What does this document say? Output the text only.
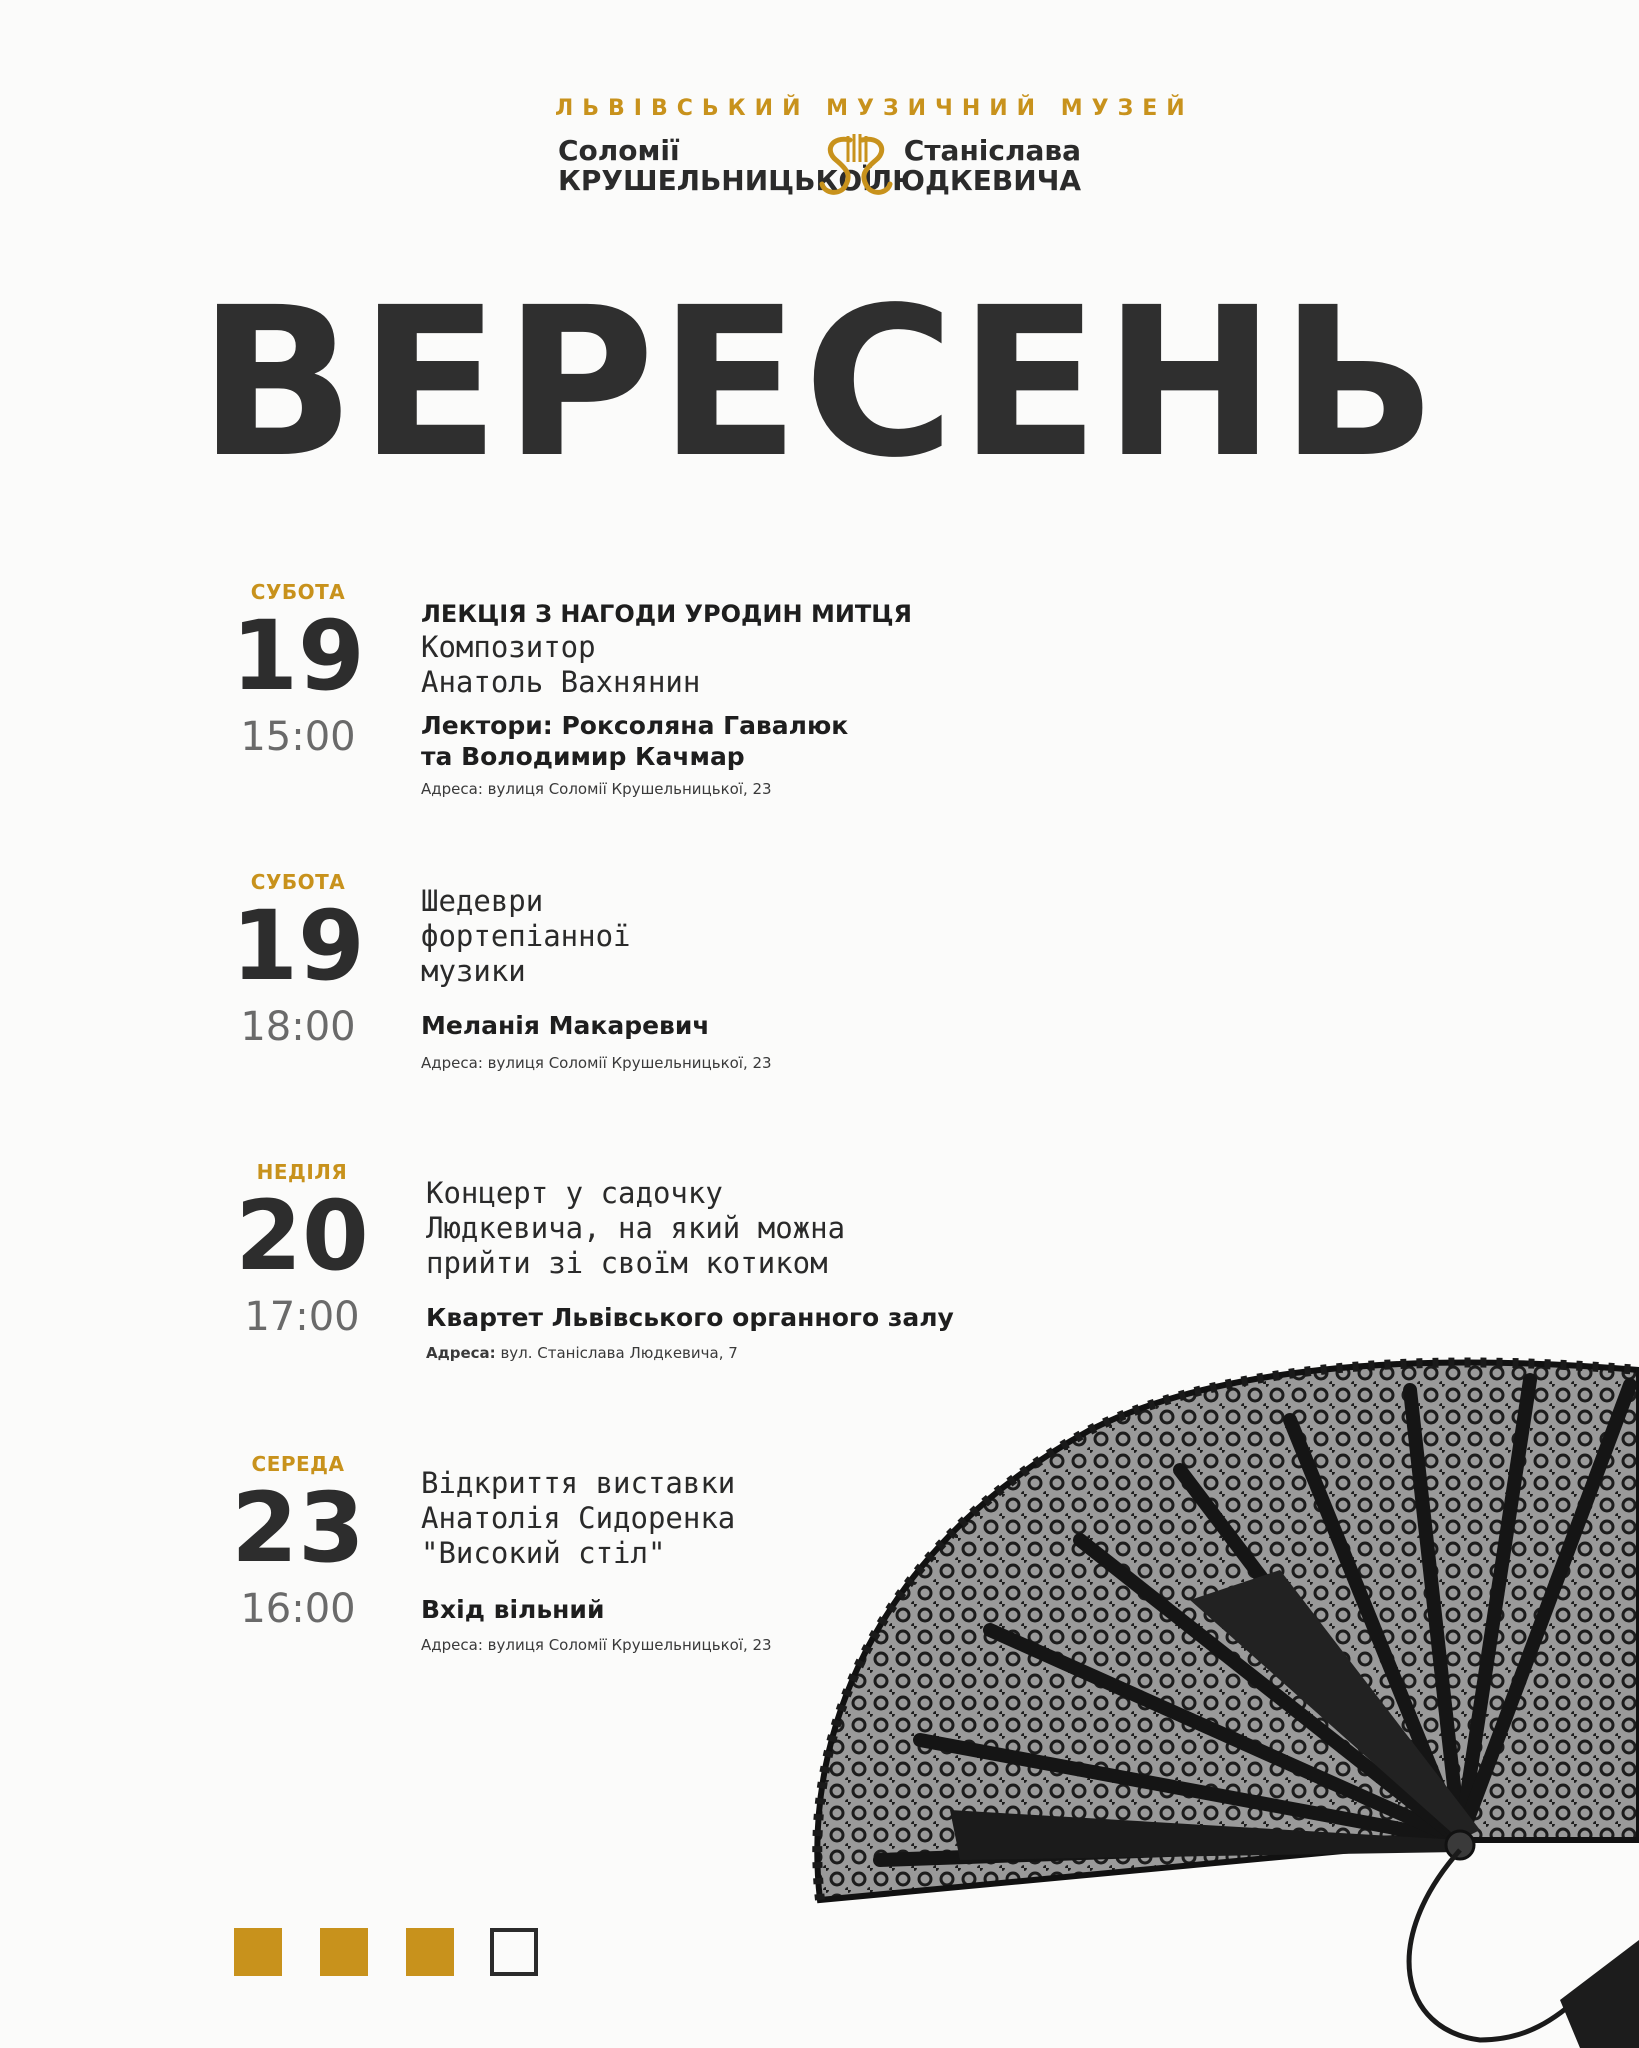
ЛЬВІВСЬКИЙ МУЗИЧНИЙ МУЗЕЙ
Соломії
КРУШЕЛЬНИЦЬКОЇ
Станіслава
ЛЮДКЕВИЧА
ВЕРЕСЕНЬ
СУБОТА
19
15:00
ЛЕКЦІЯ З НАГОДИ УРОДИН МИТЦЯ
Композитор
Анатоль Вахнянин
Лектори: Роксоляна Гавалюк
та Володимир Качмар
Адреса: вулиця Соломії Крушельницької, 23
СУБОТА
19
18:00
Шедеври
фортепіанної
музики
Меланія Макаревич
Адреса: вулиця Соломії Крушельницької, 23
НЕДІЛЯ
20
17:00
Концерт у садочку
Людкевича, на який можна
прийти зі своїм котиком
Квартет Львівського органного залу
Адреса: вул. Станіслава Людкевича, 7
СЕРЕДА
23
16:00
Відкриття виставки
Анатолія Сидоренка
"Високий стіл"
Вхід вільний
Адреса: вулиця Соломії Крушельницької, 23
